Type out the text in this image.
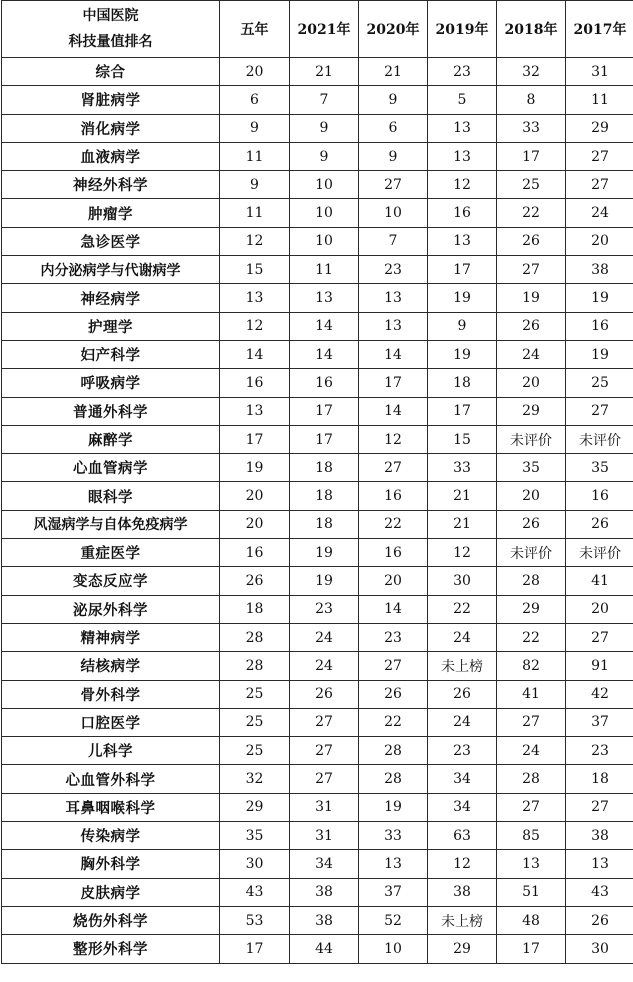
中国医院
科技量值排名	五年	2021年	2020年	2019年	2018年	2017年
综合	20	21	21	23	32	31
肾脏病学	6	7	9	5	8	11
消化病学	9	9	6	13	33	29
血液病学	11	9	9	13	17	27
神经外科学	9	10	27	12	25	27
肿瘤学	11	10	10	16	22	24
急诊医学	12	10	7	13	26	20
内分泌病学与代谢病学	15	11	23	17	27	38
神经病学	13	13	13	19	19	19
护理学	12	14	13	9	26	16
妇产科学	14	14	14	19	24	19
呼吸病学	16	16	17	18	20	25
普通外科学	13	17	14	17	29	27
麻醉学	17	17	12	15	未评价	未评价
心血管病学	19	18	27	33	35	35
眼科学	20	18	16	21	20	16
风湿病学与自体免疫病学	20	18	22	21	26	26
重症医学	16	19	16	12	未评价	未评价
变态反应学	26	19	20	30	28	41
泌尿外科学	18	23	14	22	29	20
精神病学	28	24	23	24	22	27
结核病学	28	24	27	未上榜	82	91
骨外科学	25	26	26	26	41	42
口腔医学	25	27	22	24	27	37
儿科学	25	27	28	23	24	23
心血管外科学	32	27	28	34	28	18
耳鼻咽喉科学	29	31	19	34	27	27
传染病学	35	31	33	63	85	38
胸外科学	30	34	13	12	13	13
皮肤病学	43	38	37	38	51	43
烧伤外科学	53	38	52	未上榜	48	26
整形外科学	17	44	10	29	17	30
